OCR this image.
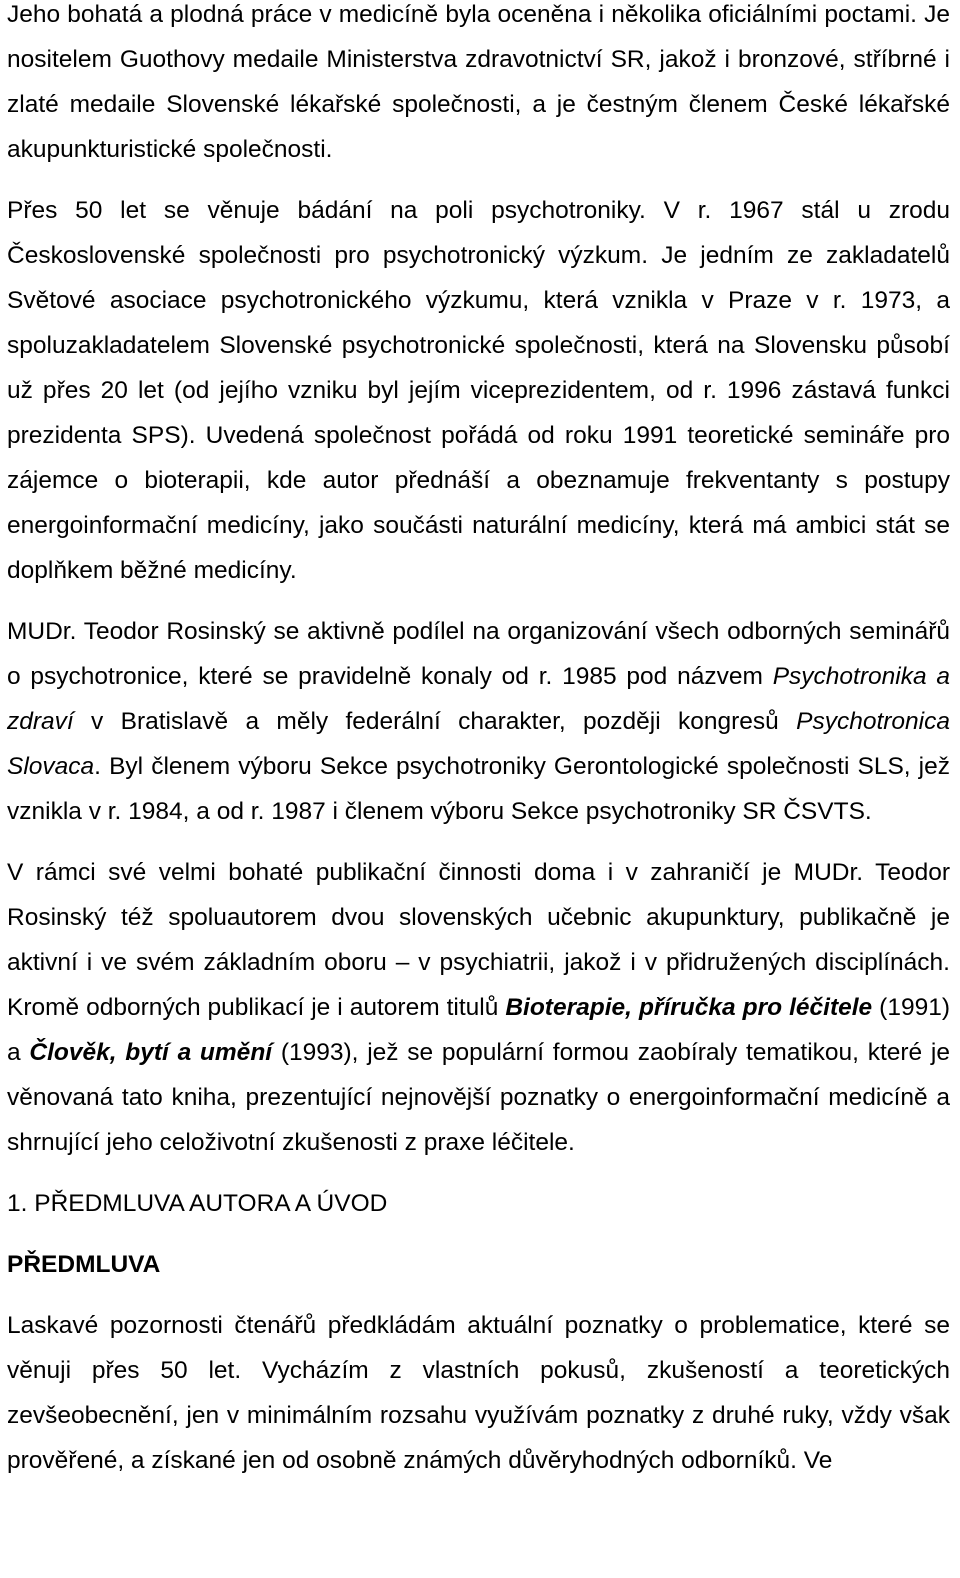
Jeho bohatá a plodná práce v medicíně byla oceněna i několika oficiálními poctami. Je nositelem Guothovy medaile Ministerstva zdravotnictví SR, jakož i bronzové, stříbrné i zlaté medaile Slovenské lékařské společnosti, a je čestným členem České lékařské akupunkturistické společnosti.

Přes 50 let se věnuje bádání na poli psychotroniky. V r. 1967 stál u zrodu Československé společnosti pro psychotronický výzkum. Je jedním ze zakladatelů Světové asociace psychotronického výzkumu, která vznikla v Praze v r. 1973, a spoluzakladatelem Slovenské psychotronické společnosti, která na Slovensku působí už přes 20 let (od jejího vzniku byl jejím viceprezidentem, od r. 1996 zástavá funkci prezidenta SPS). Uvedená společnost pořádá od roku 1991 teoretické semináře pro zájemce o bioterapii, kde autor přednáší a obeznamuje frekventanty s postupy energoinformační medicíny, jako součásti naturální medicíny, která má ambici stát se doplňkem běžné medicíny.

MUDr. Teodor Rosinský se aktivně podílel na organizování všech odborných seminářů o psychotronice, které se pravidelně konaly od r. 1985 pod názvem Psychotronika a zdraví v Bratislavě a měly federální charakter, později kongresů Psychotronica Slovaca. Byl členem výboru Sekce psychotroniky Gerontologické společnosti SLS, jež vznikla v r. 1984, a od r. 1987 i členem výboru Sekce psychotroniky SR ČSVTS.

V rámci své velmi bohaté publikační činnosti doma i v zahraničí je MUDr. Teodor Rosinský též spoluautorem dvou slovenských učebnic akupunktury, publikačně je aktivní i ve svém základním oboru – v psychiatrii, jakož i v přidružených disciplínách. Kromě odborných publikací je i autorem titulů Bioterapie, příručka pro léčitele (1991) a Člověk, bytí a umění (1993), jež se populární formou zaobíraly tematikou, které je věnovaná tato kniha, prezentující nejnovější poznatky o energoinformační medicíně a shrnující jeho celoživotní zkušenosti z praxe léčitele.

1. PŘEDMLUVA AUTORA A ÚVOD
PŘEDMLUVA

Laskavé pozornosti čtenářů předkládám aktuální poznatky o problematice, které se věnuji přes 50 let. Vycházím z vlastních pokusů, zkušeností a teoretických zevšeobecnění, jen v minimálním rozsahu využívám poznatky z druhé ruky, vždy však prověřené, a získané jen od osobně známých důvěryhodných odborníků. Ve
